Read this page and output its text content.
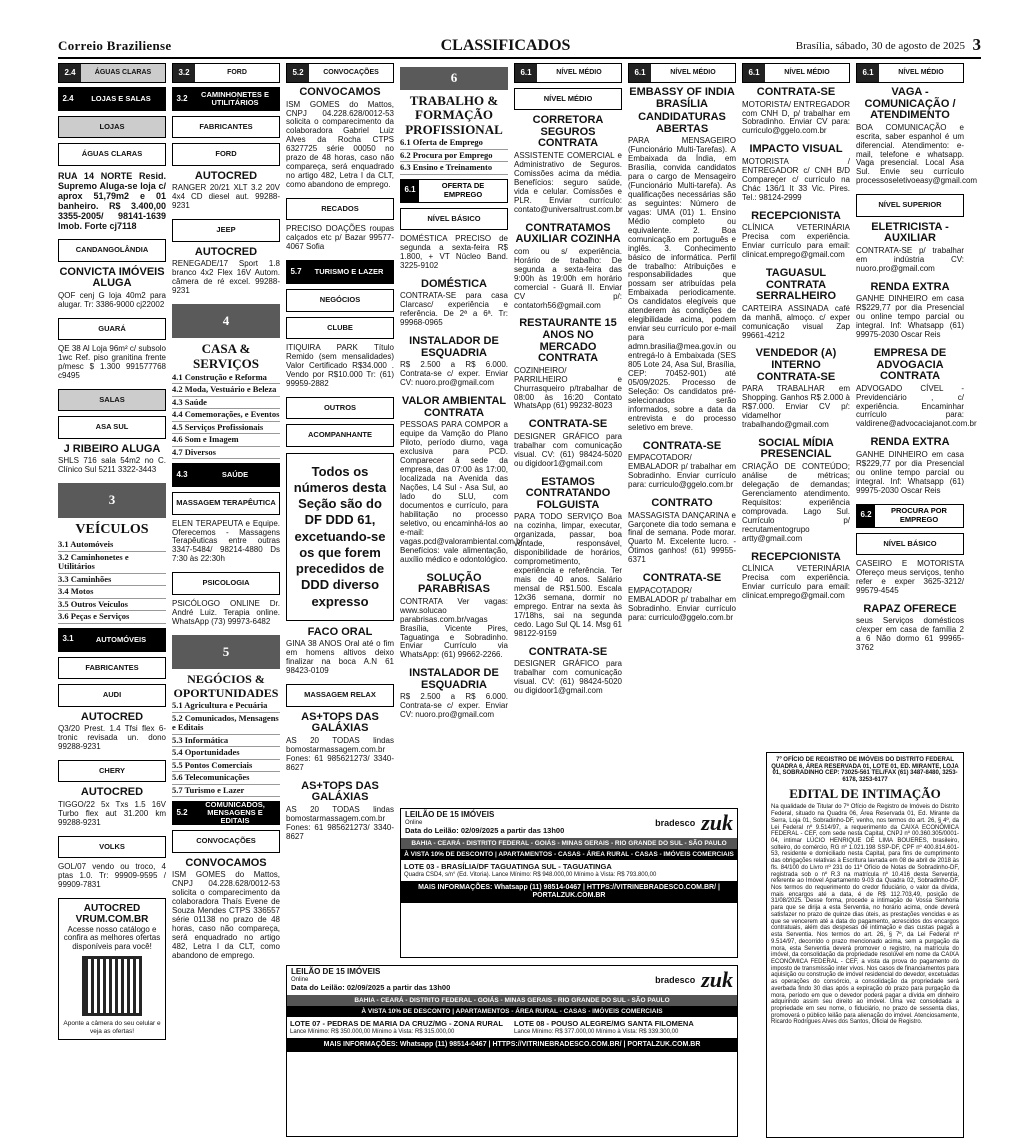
Correio Braziliense	CLASSIFICADOS	Brasília, sábado, 30 de agosto de 2025 3
2.4	ÁGUAS CLARAS
2.4	LOJAS E SALAS
LOJAS
ÁGUAS CLARAS

RUA 14 NORTE Resid. Supremo Aluga-se loja c/ aprox 51,79m2 e 01 banheiro. R$ 3.400,00 3355-2005/ 98141-1639 Imob. Forte cj7118

CANDANGOLÂNDIA
CONVICTA IMÓVEIS ALUGA

QOF cenj G loja 40m2 para alugar. Tr: 3386-9000 cj22002

GUARÁ

QE 38 Al Loja 96m² c/ subsolo 1wc Ref. piso granitina frente p/mesc $ 1.300 991577768 c9495

SALAS
ASA SUL
J RIBEIRO ALUGA

SHLS 716 sala 54m2 no C. Clínico Sul 5211 3322-3443

3
VEÍCULOS
3.1 Automóveis
3.2 Caminhonetes e Utilitários
3.3 Caminhões
3.4 Motos
3.5 Outros Veículos
3.6 Peças e Serviços
3.1	AUTOMÓVEIS
FABRICANTES
AUDI
AUTOCRED

Q3/20 Prest. 1.4 Tfsi flex 6-tronic revisada un. dono 99288-9231

CHERY
AUTOCRED

TIGGO/22 5x Txs 1.5 16V Turbo flex aut 31.200 km 99288-9231

VOLKS

GOL/07 vendo ou troco, 4 ptas 1.0. Tr: 99909-9595 / 99909-7831

AUTOCRED VRUM.COM.BR

Acesse nosso catálogo e confira as melhores ofertas disponíveis para você!

Aponte a câmera do seu celular e veja as ofertas!

3.2	FORD
3.2	CAMINHONETES E UTILITÁRIOS
FABRICANTES
FORD
AUTOCRED

RANGER 20/21 XLT 3.2 20V 4x4 CD diesel aut. 99288-9231

JEEP
AUTOCRED

RENEGADE/17 Sport 1.8 branco 4x2 Flex 16V Autom. câmera de ré excel. 99288-9231

4
CASA & SERVIÇOS
4.1 Construção e Reforma
4.2 Moda, Vestuário e Beleza
4.3 Saúde
4.4 Comemorações, e Eventos
4.5 Serviços Profissionais
4.6 Som e Imagem
4.7 Diversos
4.3	SAÚDE
MASSAGEM TERAPÊUTICA

ELEN TERAPEUTA e Equipe. Oferecemos - Massagens Terapêuticas entre outras 3347-5484/ 98214-4880 Ds 7:30 às 22:30h

PSICOLOGIA

PSICÓLOGO ONLINE Dr. André Luiz. Terapia online. WhatsApp (73) 99973-6482

5
NEGÓCIOS & OPORTUNIDADES
5.1 Agricultura e Pecuária
5.2 Comunicados, Mensagens e Editais
5.3 Informática
5.4 Oportunidades
5.5 Pontos Comerciais
5.6 Telecomunicações
5.7 Turismo e Lazer
5.2
COMUNICADOS, MENSAGENS E EDITAIS
CONVOCAÇÕES
CONVOCAMOS

ISM GOMES do Mattos, CNPJ 04.228.628/0012-53 solicita o comparecimento da colaboradora Thaís Evene de Souza Mendes CTPS 336557 série 01138 no prazo de 48 horas, caso não compareça, será enquadrado no artigo 482, Letra I da CLT, como abandono de emprego.

5.2	CONVOCAÇÕES
CONVOCAMOS

ISM GOMES do Mattos, CNPJ 04.228.628/0012-53 solicita o comparecimento da colaboradora Gabriel Luiz Alves da Rocha CTPS 6327725 série 00050 no prazo de 48 horas, caso não compareça, será enquadrado no artigo 482, Letra I da CLT, como abandono de emprego.

RECADOS

PRECISO DOAÇÕES roupas calçados etc p/ Bazar 99577-4067 Sofia

5.7	TURISMO E LAZER
NEGÓCIOS
CLUBE

ITIQUIRA PARK Título Remido (sem mensalidades) Valor Certificado R$34.000 . Vendo por R$10.000 Tr: (61) 99959-2882

OUTROS
ACOMPANHANTE
Todos os números desta Seção são do DF DDD 61, excetuando-se os que forem precedidos de DDD diverso expresso
FACO ORAL

GINA 38 ANOS Oral até o fim em homens altivos deixo finalizar na boca A.N 61 98423-0109

MASSAGEM RELAX
AS+TOPS DAS GALÁXIAS

AS 20 TODAS lindas bomostarmassagem.com.br Fones: 61 985621273/ 3340-8627

AS+TOPS DAS GALÁXIAS

AS 20 TODAS lindas bomostarmassagem.com.br Fones: 61 985621273/ 3340-8627

6
TRABALHO & FORMAÇÃO PROFISSIONAL
6.1 Oferta de Emprego
6.2 Procura por Emprego
6.3 Ensino e Treinamento
6.1	OFERTA DE EMPREGO
NÍVEL BÁSICO

DOMÉSTICA PRECISO de segunda a sexta-feira R$ 1.800, + VT Núcleo Band. 3225-9102

DOMÉSTICA

CONTRATA-SE para casa Clarcasc/ experiência e referência. De 2ª a 6ª. Tr: 99968-0965

INSTALADOR DE ESQUADRIA

R$ 2.500 a R$ 6.000. Contrata-se c/ exper. Enviar CV: nuoro.pro@gmail.com

VALOR AMBIENTAL CONTRATA

PESSOAS PARA COMPOR a equipe da Vamção do Plano Piloto, período diurno, vaga exclusiva para PCD. Comparecer à sede da empresa, das 07:00 às 17:00, localizada na Avenida das Nações, L4 Sul - Asa Sul, ao lado do SLU, com documentos e currículo, para habilitação no processo seletivo, ou encaminhá-los ao e-mail: vagas.pcd@valorambiental.com.br Benefícios: vale alimentação, auxílio médico e odontológico.

SOLUÇÃO PARABRISAS

CONTRATA Ver vagas: www.solucao parabrisas.com.br/vagas Brasília, Vicente Pires, Taguatinga e Sobradinho. Enviar Currículo via WhatsApp: (61) 99662-2266.

INSTALADOR DE ESQUADRIA

R$ 2.500 a R$ 6.000. Contrata-se c/ exper. Enviar CV: nuoro.pro@gmail.com

6.1	NÍVEL MÉDIO
NÍVEL MÉDIO
CORRETORA SEGUROS CONTRATA

ASSISTENTE COMERCIAL e Administrativo de Seguros. Comissões acima da média. Benefícios: seguro saúde, vida e celular. Comissões e PLR. Enviar currículo: contato@universaltrust.com.br

CONTRATAMOS AUXILIAR COZINHA

com ou s/ experiência. Horário de trabalho: De segunda a sexta-feira das 9:00h às 19:00h em horário comercial - Guará II. Enviar CV p/: contatorh56@gmail.com

RESTAURANTE 15 ANOS NO MERCADO CONTRATA

COZINHEIRO/ PARRILHEIRO e Churrasqueiro p/trabalhar de 08:00 às 16:20 Contato WhatsApp (61) 99232-8023

CONTRATA-SE

DESIGNER GRÁFICO para trabalhar com comunicação visual. CV: (61) 98424-5020 ou digidoor1@gmail.com

ESTAMOS CONTRATANDO FOLGUISTA

PARA TODO SERVIÇO Boa na cozinha, limpar, executar, organizada, passar, boa vontade, responsável, disponibilidade de horários, comprometimento, experiência e referência. Ter mais de 40 anos. Salário mensal de R$1.500. Escala 12x36 semana, dormir no emprego. Entrar na sexta às 17/18hs, sai na segunda cedo. Lago Sul QL 14. Msg 61 98122-9159

CONTRATA-SE

DESIGNER GRÁFICO para trabalhar com comunicação visual. CV: (61) 98424-5020 ou digidoor1@gmail.com

6.1	NÍVEL MÉDIO
EMBASSY OF INDIA BRASÍLIA
CANDIDATURAS ABERTAS

PARA MENSAGEIRO (Funcionário Multi-Tarefas). A Embaixada da Índia, em Brasília, convida candidatos para o cargo de Mensageiro (Funcionário Multi-tarefa). As qualificações necessárias são as seguintes: Número de vagas: UMA (01) 1. Ensino Médio completo ou equivalente. 2. Boa comunicação em português e inglês. 3. Conhecimento básico de informática. Perfil de trabalho: Atribuições e responsabilidades que possam ser atribuídas pela Embaixada periodicamente. Os candidatos elegíveis que atenderem às condições de elegibilidade acima, podem enviar seu currículo por e-mail para admn.brasilia@mea.gov.in ou entregá-lo à Embaixada (SES 805 Lote 24, Asa Sul, Brasília, CEP: 70452-901) até 05/09/2025. Processo de Seleção: Os candidatos pré-selecionados serão informados, sobre a data da entrevista e do processo seletivo em breve.

CONTRATA-SE

EMPACOTADOR/ EMBALADOR p/ trabalhar em Sobradinho. Enviar currículo para: curriculo@ggelo.com.br

CONTRATO

MASSAGISTA DANÇARINA e Garçonete dia todo semana e final de semana. Pode morar. Quarto M. Excelente lucro. - Ótimos ganhos! (61) 99955-6371

CONTRATA-SE

EMPACOTADOR/ EMBALADOR p/ trabalhar em Sobradinho. Enviar currículo para: curriculo@ggelo.com.br

6.1	NÍVEL MÉDIO
CONTRATA-SE

MOTORISTA/ ENTREGADOR com CNH D, p/ trabalhar em Sobradinho. Enviar CV para: curriculo@ggelo.com.br

IMPACTO VISUAL

MOTORISTA / ENTREGADOR c/ CNH B/D Compareçer c/ currículo na Chác 136/1 lt 33 Vic. Pires. Tel.: 98124-2999

RECEPCIONISTA

CLÍNICA VETERINÁRIA Precisa com experiência. Enviar currículo para email: clinicat.emprego@gmail.com

TAGUASUL CONTRATA SERRALHEIRO

CARTEIRA ASSINADA café da manhã, almoço. c/ exper comunicação visual Zap 99661-4212

VENDEDOR (A) INTERNO CONTRATA-SE

PARA TRABALHAR em Shopping. Ganhos R$ 2.000 à R$7.000. Enviar CV p/: vidamelhor trabalhando@gmail.com

SOCIAL MÍDIA PRESENCIAL

CRIAÇÃO DE CONTEÚDO; análise de métricas; delegação de demandas; Gerenciamento atendimento. Requisitos: experiência comprovada. Lago Sul. Currículo p/ recrutamentogrupo artty@gmail.com

RECEPCIONISTA

CLÍNICA VETERINÁRIA Precisa com experiência. Enviar currículo para email: clinicat.emprego@gmail.com

6.1	NÍVEL MÉDIO
VAGA - COMUNICAÇÃO / ATENDIMENTO

BOA COMUNICAÇÃO e escrita, saber espanhol é um diferencial. Atendimento: e-mail, telefone e whatsapp. Vaga presencial. Local Asa Sul. Envie seu currículo processoseletivoeasy@gmail.com

NÍVEL SUPERIOR
ELETRICISTA - AUXILIAR

CONTRATA-SE p/ trabalhar em indústria CV: nuoro.pro@gmail.com

RENDA EXTRA

GANHE DINHEIRO em casa R$229,77 por dia Presencial ou online tempo parcial ou integral. Inf: Whatsapp (61) 99975-2030 Oscar Reis

EMPRESA DE ADVOGACIA CONTRATA

ADVOGADO CÍVEL - Previdenciário , c/ experiência. Encaminhar currículo para: valdirene@advocaciajanot.com.br

RENDA EXTRA

GANHE DINHEIRO em casa R$229,77 por dia Presencial ou online tempo parcial ou integral. Inf: Whatsapp (61) 99975-2030 Oscar Reis

6.2	PROCURA POR EMPREGO
NÍVEL BÁSICO

CASEIRO E MOTORISTA Ofereço meus serviços, tenho refer e exper 3625-3212/ 99579-4545

RAPAZ OFERECE

seus Serviços domésticos c/exper em casa de família 2 a 6 Não dormo 61 99965-3762

LEILÃO DE 15 IMÓVEIS
Online
Data do Leilão: 02/09/2025 a partir das 13h00
bradesco zuk
BAHIA - CEARÁ - DISTRITO FEDERAL - GOIÁS - MINAS GERAIS - RIO GRANDE DO SUL - SÃO PAULO
À VISTA 10% DE DESCONTO | APARTAMENTOS - CASAS - ÁREA RURAL - CASAS - IMÓVEIS COMERCIAIS
LOTE 03 - BRASÍLIA/DF TAGUATINGA SUL - TAGUATINGA
Quadra CSD4, s/n° (Ed. Vitoria). Lance Mínimo: R$ 948.000,00 Mínimo à Vista: R$ 793.800,00
MAIS INFORMAÇÕES: Whatsapp (11) 98514-0467 | HTTPS://VITRINEBRADESCO.COM.BR/ | PORTALZUK.COM.BR
LEILÃO DE 15 IMÓVEIS
Online
Data do Leilão: 02/09/2025 a partir das 13h00
bradesco zuk
BAHIA - CEARÁ - DISTRITO FEDERAL - GOIÁS - MINAS GERAIS - RIO GRANDE DO SUL - SÃO PAULO
À VISTA 10% DE DESCONTO | APARTAMENTOS - ÁREA RURAL - CASAS - IMÓVEIS COMERCIAIS
LOTE 07 - PEDRAS DE MARIA DA CRUZ/MG - ZONA RURAL
Lance Mínimo: R$ 350.000,00 Mínimo à Vista: R$ 315.000,00
LOTE 08 - POUSO ALEGRE/MG SANTA FILOMENA
Lance Mínimo: R$ 377.000,00 Mínimo à Vista: R$ 339.300,00
MAIS INFORMAÇÕES: Whatsapp (11) 98514-0467 | HTTPS://VITRINEBRADESCO.COM.BR/ | PORTALZUK.COM.BR
7º OFÍCIO DE REGISTRO DE IMÓVEIS DO DISTRITO FEDERAL QUADRA 6, ÁREA RESERVADA 01, LOTE 01, ED. MIRANTE, LOJA 01, SOBRADINHO CEP: 73025-561 TEL/FAX (61) 3487-8480, 3253-6178, 3253-6177
EDITAL DE INTIMAÇÃO

Na qualidade de Titular do 7º Ofício de Registro de Imóveis do Distrito Federal, situado na Quadra 06, Área Reservada 01, Ed. Mirante da Serra, Loja 01, Sobradinho-DF, venho, nos termos do art. 26, § 4º, da Lei Federal nº 9.514/97, a requerimento da CAIXA ECONÔMICA FEDERAL - CEF, com sede nesta Capital, CNPJ nº 00.360.305/0001-04, intimar LÚCIO HENRIQUE DE LIMA BOUERES, brasileiro, solteiro, do comércio, RG nº 1.021.198 SSP-DF, CPF nº 400.814.601-53, residente e domiciliado nesta Capital, para fins de cumprimento das obrigações relativas à Escritura lavrada em 08 de abril de 2018 às fls. 84/100 do Livro nº 231 do 11º Ofício de Notas de Sobradinho-DF, registrada sob o nº R.3 na matrícula nº 10.416 desta Serventia, referente ao Imóvel Apartamento 9-03 da Quadra 02, Sobradinho-DF. Nos termos do requerimento do credor fiduciário, o valor da dívida, mais encargos até a data, é de R$ 112.703,49, posição de 31/08/2025. Desse forma, procede a intimação de Vossa Senhoria para que se dirija a esta Serventia, no horário acima, onde deverá satisfazer no prazo de quinze dias úteis, as prestações vencidas e as que se vencerem até a data do pagamento, acrescidos dos encargos contratuais, além das despesas de intimação e das custas pagas a esta Serventia. Nos termos do art. 26, § 7º, da Lei Federal nº 9.514/97, decorrido o prazo mencionado acima, sem a purgação da mora, esta Serventia deverá promover o registro, na matrícula do imóvel, da consolidação da propriedade resolúvel em nome da CAIXA ECONÔMICA FEDERAL - CEF, a vista da prova do pagamento do imposto de transmissão inter vivos. Nos casos de financiamentos para aquisição ou construção de imóvel residencial do devedor, excetuadas as operações do consórcio, a consolidação da propriedade será averbada findo 30 dias após a expiração do prazo para purgação da mora, período em que o devedor poderá pagar a dívida em dinheiro adquirindo assim seu direito ao imóvel. Uma vez consolidada a propriedade em seu nome, o fiduciário, no prazo de sessenta dias, promoverá o público leilão para alienação do imóvel. Atenciosamente, Ricardo Rodrigues Alves dos Santos, Oficial de Registro.
